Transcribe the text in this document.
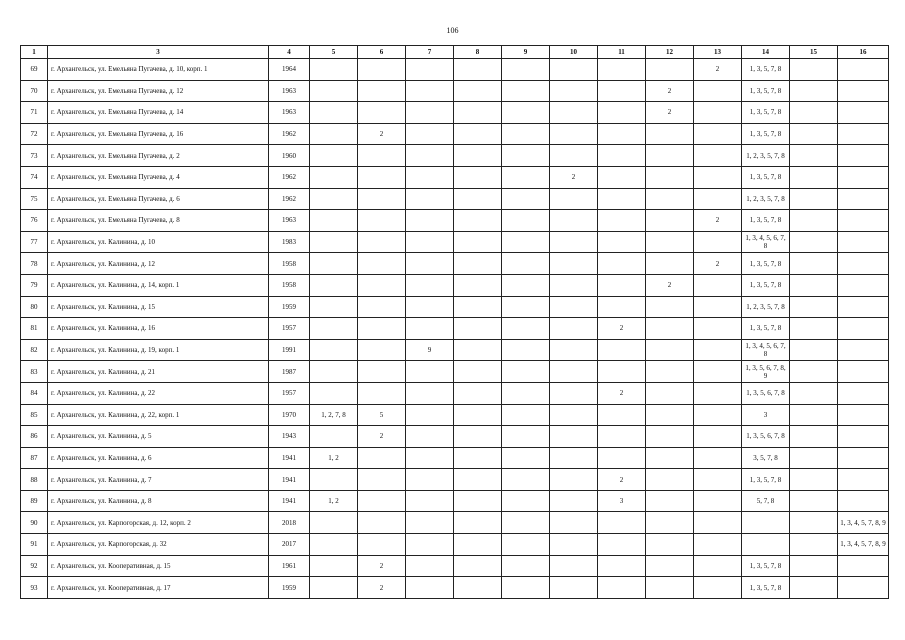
106
1	3	4	5	6	7	8	9	10	11	12	13	14	15	16
69	г. Архангельск, ул. Емельяна Пугачева, д. 10, корп. 1	1964									2	1, 3, 5, 7, 8		
70	г. Архангельск, ул. Емельяна Пугачева, д. 12	1963								2		1, 3, 5, 7, 8		
71	г. Архангельск, ул. Емельяна Пугачева, д. 14	1963								2		1, 3, 5, 7, 8		
72	г. Архангельск, ул. Емельяна Пугачева, д. 16	1962		2								1, 3, 5, 7, 8		
73	г. Архангельск, ул. Емельяна Пугачева, д. 2	1960										1, 2, 3, 5, 7, 8		
74	г. Архангельск, ул. Емельяна Пугачева, д. 4	1962						2				1, 3, 5, 7, 8		
75	г. Архангельск, ул. Емельяна Пугачева, д. 6	1962										1, 2, 3, 5, 7, 8		
76	г. Архангельск, ул. Емельяна Пугачева, д. 8	1963									2	1, 3, 5, 7, 8		
77	г. Архангельск, ул. Калинина, д. 10	1983										1, 3, 4, 5, 6, 7, 8		
78	г. Архангельск, ул. Калинина, д. 12	1958									2	1, 3, 5, 7, 8		
79	г. Архангельск, ул. Калинина, д. 14, корп. 1	1958								2		1, 3, 5, 7, 8		
80	г. Архангельск, ул. Калинина, д. 15	1959										1, 2, 3, 5, 7, 8		
81	г. Архангельск, ул. Калинина, д. 16	1957							2			1, 3, 5, 7, 8		
82	г. Архангельск, ул. Калинина, д. 19, корп. 1	1991			9							1, 3, 4, 5, 6, 7, 8		
83	г. Архангельск, ул. Калинина, д. 21	1987										1, 3, 5, 6, 7, 8, 9		
84	г. Архангельск, ул. Калинина, д. 22	1957							2			1, 3, 5, 6, 7, 8		
85	г. Архангельск, ул. Калинина, д. 22, корп. 1	1970	1, 2, 7, 8	5								3		
86	г. Архангельск, ул. Калинина, д. 5	1943		2								1, 3, 5, 6, 7, 8		
87	г. Архангельск, ул. Калинина, д. 6	1941	1, 2									3, 5, 7, 8		
88	г. Архангельск, ул. Калинина, д. 7	1941							2			1, 3, 5, 7, 8		
89	г. Архангельск, ул. Калинина, д. 8	1941	1, 2						3			5, 7, 8		
90	г. Архангельск, ул. Карпогорская, д. 12, корп. 2	2018												1, 3, 4, 5, 7, 8, 9
91	г. Архангельск, ул. Карпогорская, д. 32	2017												1, 3, 4, 5, 7, 8, 9
92	г. Архангельск, ул. Кооперативная, д. 15	1961		2								1, 3, 5, 7, 8		
93	г. Архангельск, ул. Кооперативная, д. 17	1959		2								1, 3, 5, 7, 8		
